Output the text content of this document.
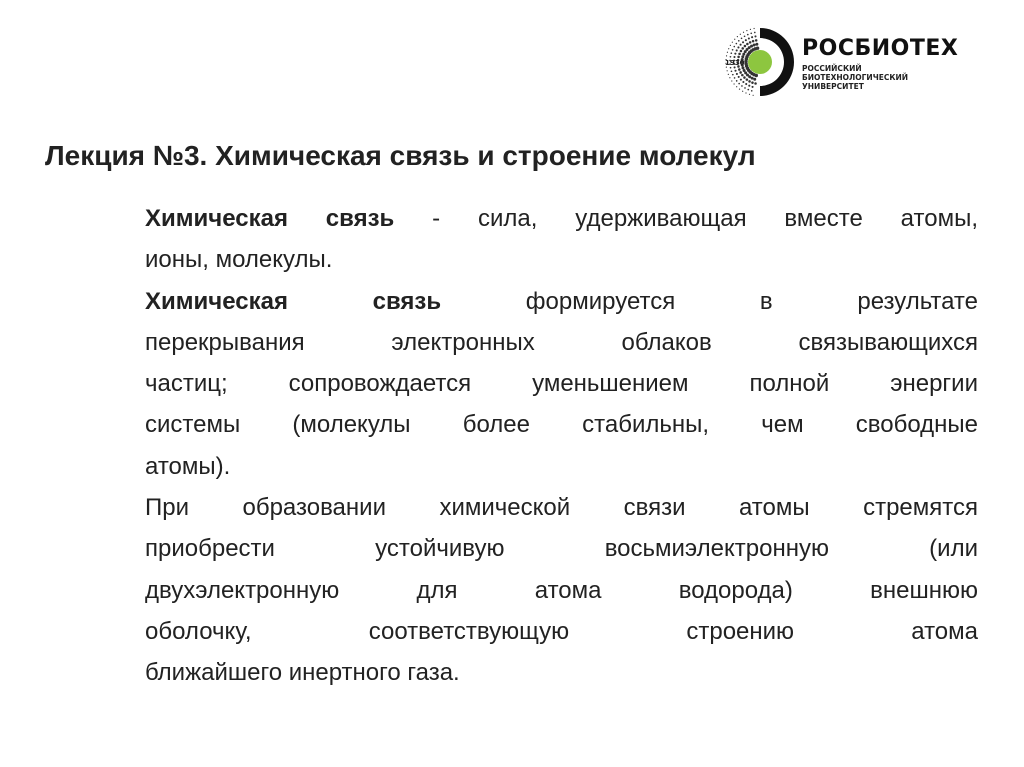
1930
РОСБИОТЕХ
РОССИЙСКИЙ
БИОТЕХНОЛОГИЧЕСКИЙ
УНИВЕРСИТЕТ
Лекция №3. Химическая связь и строение молекул
Химическая связь - сила, удерживающая вместе атомы,
ионы, молекулы.
Химическая связь формируется в результате
перекрывания электронных облаков связывающихся
частиц; сопровождается уменьшением полной энергии
системы (молекулы более стабильны, чем свободные
атомы).
При образовании химической связи атомы стремятся
приобрести устойчивую восьмиэлектронную (или
двухэлектронную для атома водорода) внешнюю
оболочку, соответствующую строению атома
ближайшего инертного газа.
